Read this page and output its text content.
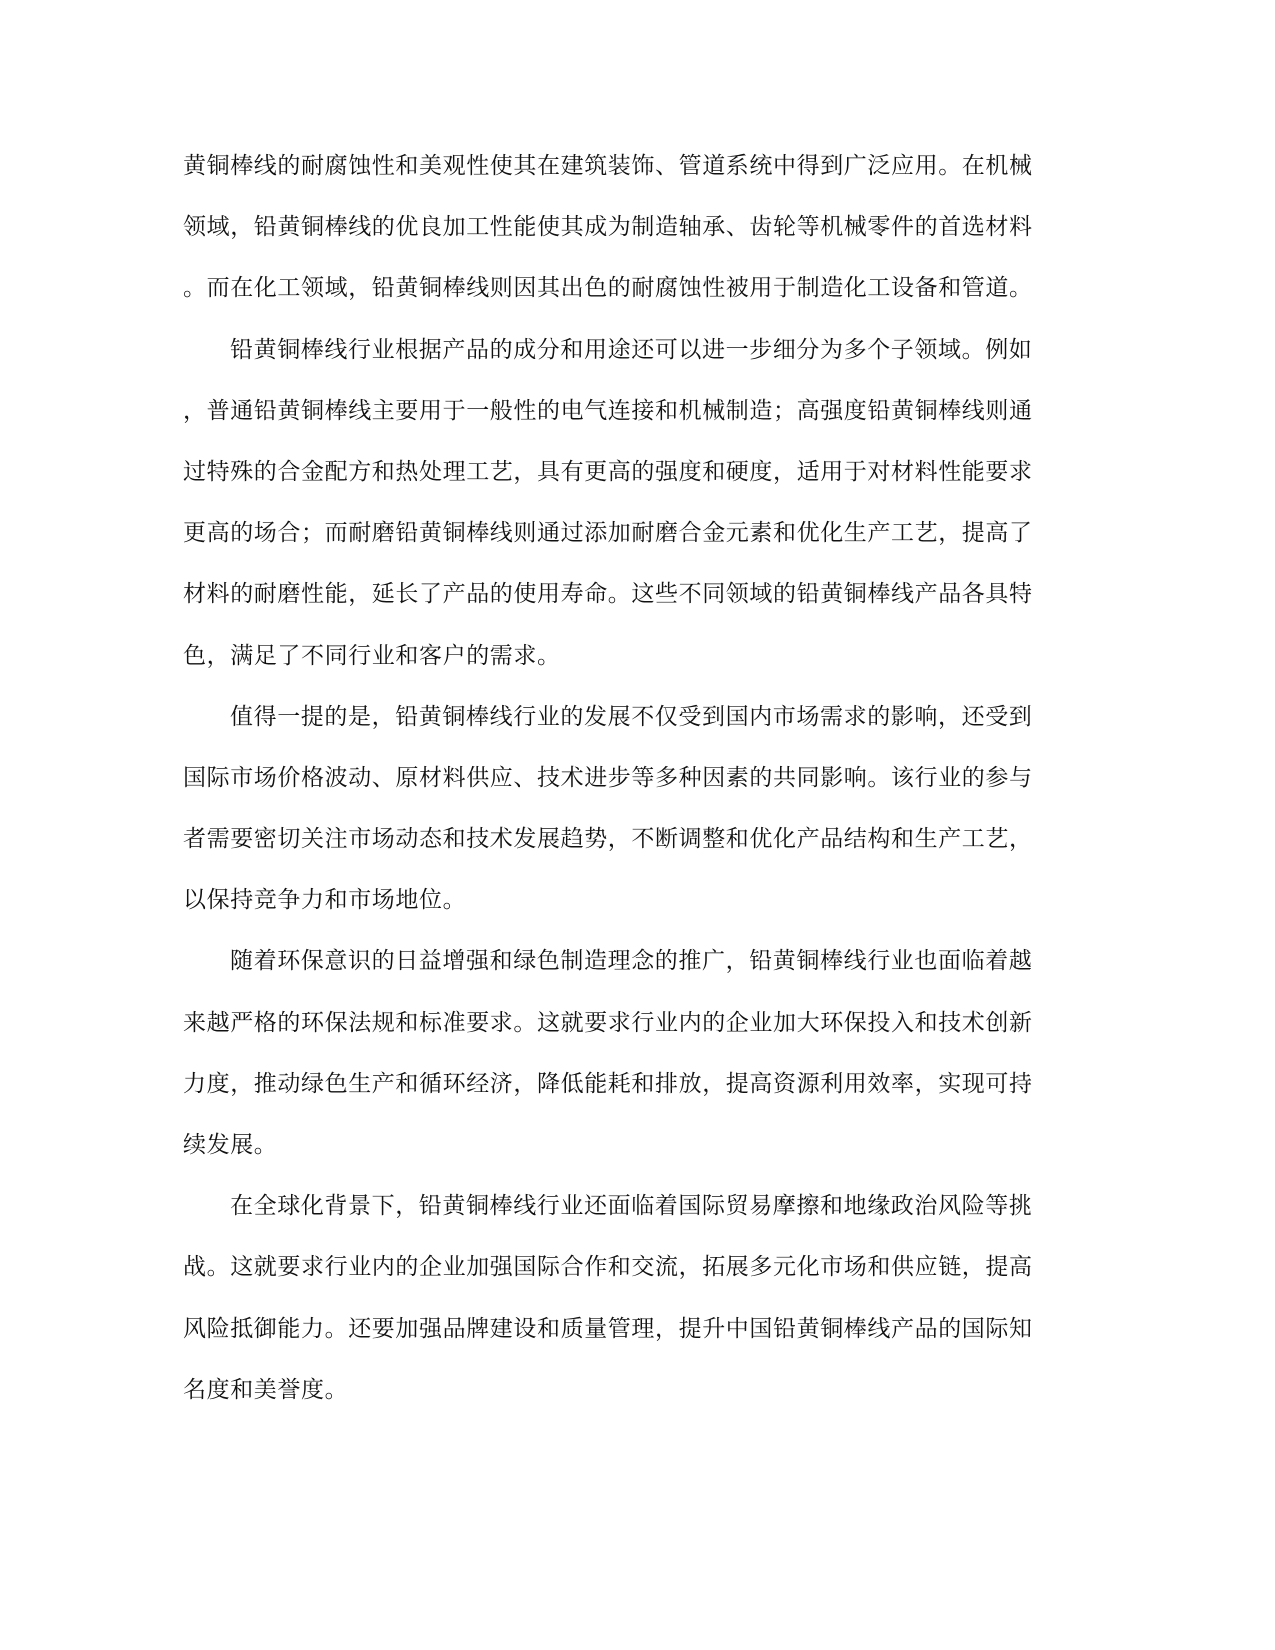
黄铜棒线的耐腐蚀性和美观性使其在建筑装饰、管道系统中得到广泛应用。在机械
领域，铅黄铜棒线的优良加工性能使其成为制造轴承、齿轮等机械零件的首选材料
。而在化工领域，铅黄铜棒线则因其出色的耐腐蚀性被用于制造化工设备和管道。
铅黄铜棒线行业根据产品的成分和用途还可以进一步细分为多个子领域。例如
，普通铅黄铜棒线主要用于一般性的电气连接和机械制造；高强度铅黄铜棒线则通
过特殊的合金配方和热处理工艺，具有更高的强度和硬度，适用于对材料性能要求
更高的场合；而耐磨铅黄铜棒线则通过添加耐磨合金元素和优化生产工艺，提高了
材料的耐磨性能，延长了产品的使用寿命。这些不同领域的铅黄铜棒线产品各具特
色，满足了不同行业和客户的需求。
值得一提的是，铅黄铜棒线行业的发展不仅受到国内市场需求的影响，还受到
国际市场价格波动、原材料供应、技术进步等多种因素的共同影响。该行业的参与
者需要密切关注市场动态和技术发展趋势，不断调整和优化产品结构和生产工艺，
以保持竞争力和市场地位。
随着环保意识的日益增强和绿色制造理念的推广，铅黄铜棒线行业也面临着越
来越严格的环保法规和标准要求。这就要求行业内的企业加大环保投入和技术创新
力度，推动绿色生产和循环经济，降低能耗和排放，提高资源利用效率，实现可持
续发展。
在全球化背景下，铅黄铜棒线行业还面临着国际贸易摩擦和地缘政治风险等挑
战。这就要求行业内的企业加强国际合作和交流，拓展多元化市场和供应链，提高
风险抵御能力。还要加强品牌建设和质量管理，提升中国铅黄铜棒线产品的国际知
名度和美誉度。
